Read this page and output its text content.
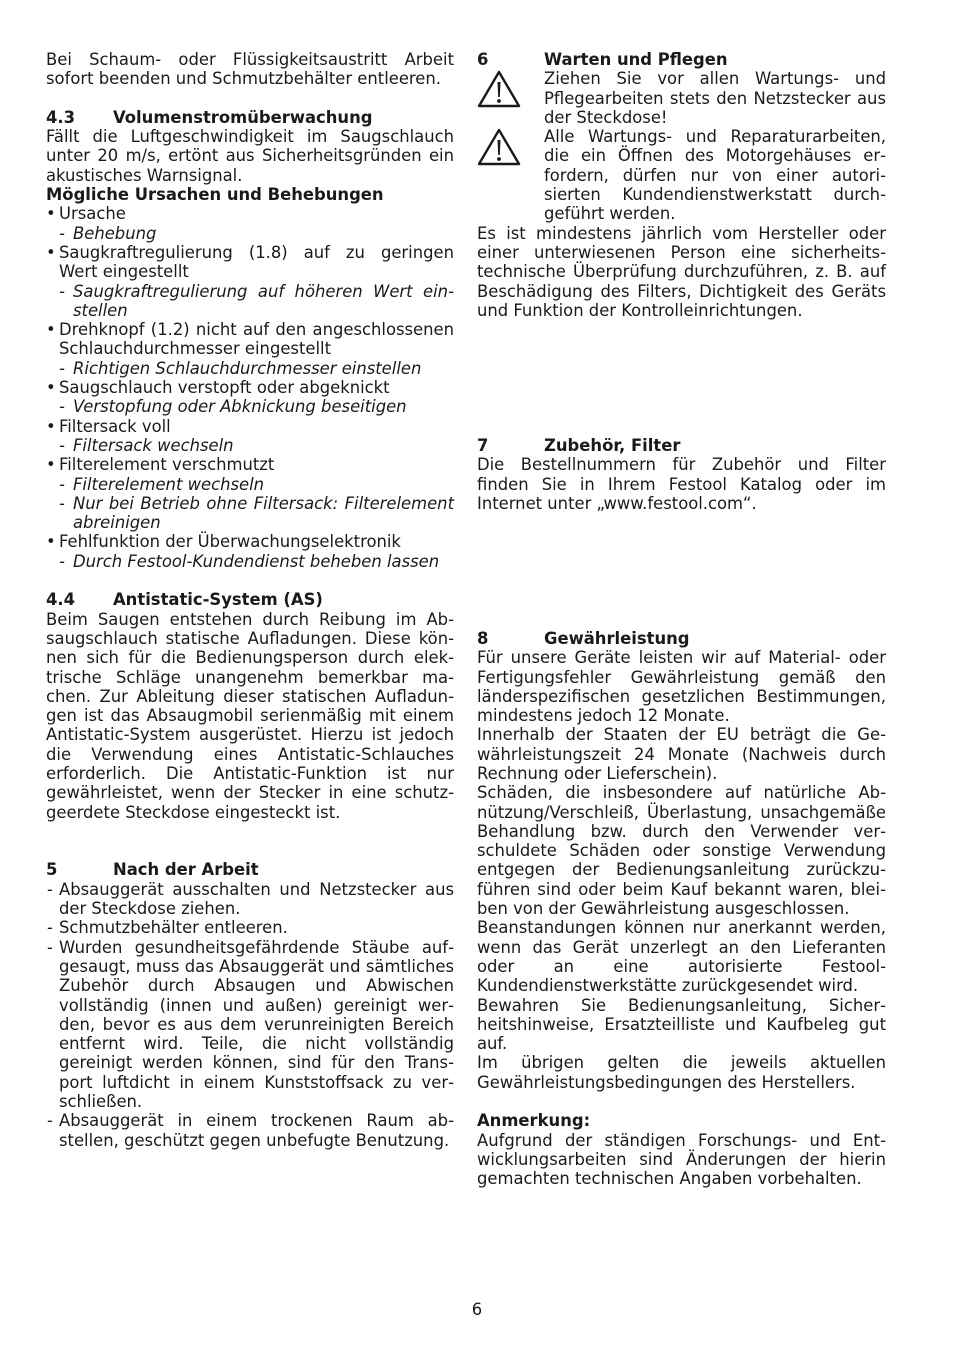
Bei Schaum- oder Flüssigkeitsaustritt Arbeit sofort beenden und Schmutzbehälter entleeren.
4.3	Volumenstromüberwachung
Fällt die Luftgeschwindigkeit im Saugschlauch unter 20 m/s, ertönt aus Sicherheitsgründen ein akustisches Warnsignal.
Mögliche Ursachen und Behebungen
• Ursache
- Behebung
• Saugkraftregulierung (1.8) auf zu geringen Wert eingestellt
- Saugkraftregulierung auf höheren Wert einstellen
• Drehknopf (1.2) nicht auf den angeschlossenen Schlauchdurchmesser eingestellt
- Richtigen Schlauchdurchmesser einstellen
• Saugschlauch verstopft oder abgeknickt
- Verstopfung oder Abknickung beseitigen
• Filtersack voll
- Filtersack wechseln
• Filterelement verschmutzt
- Filterelement wechseln
- Nur bei Betrieb ohne Filtersack: Filterelement abreinigen
• Fehlfunktion der Überwachungselektronik
- Durch Festool-Kundendienst beheben lassen
4.4	Antistatic-System (AS)
Beim Saugen entstehen durch Reibung im Absaugschlauch statische Aufladungen. Diese können sich für die Bedienungsperson durch elektrische Schläge unangenehm bemerkbar machen. Zur Ableitung dieser statischen Aufladungen ist das Absaugmobil serienmäßig mit einem Antistatic-System ausgerüstet. Hierzu ist jedoch die Verwendung eines Antistatic-Schlauches erforderlich. Die Antistatic-Funktion ist nur gewährleistet, wenn der Stecker in eine schutzgeerdete Steckdose eingesteckt ist.
5	Nach der Arbeit
- Absauggerät ausschalten und Netzstecker aus der Steckdose ziehen.
- Schmutzbehälter entleeren.
- Wurden gesundheitsgefährdende Stäube aufgesaugt, muss das Absauggerät und sämtliches Zubehör durch Absaugen und Abwischen vollständig (innen und außen) gereinigt werden, bevor es aus dem verunreinigten Bereich entfernt wird. Teile, die nicht vollständig gereinigt werden können, sind für den Transport luftdicht in einem Kunststoffsack zu verschließen.
- Absauggerät in einem trockenen Raum abstellen, geschützt gegen unbefugte Benutzung.
6	Warten und Pflegen
Ziehen Sie vor allen Wartungs- und Pflegearbeiten stets den Netzstecker aus der Steckdose!
Alle Wartungs- und Reparaturarbeiten, die ein Öffnen des Motorgehäuses erfordern, dürfen nur von einer autorisierten Kundendienstwerkstatt durchgeführt werden.
Es ist mindestens jährlich vom Hersteller oder einer unterwiesenen Person eine sicherheitstechnische Überprüfung durchzuführen, z. B. auf Beschädigung des Filters, Dichtigkeit des Geräts und Funktion der Kontrolleinrichtungen.
7	Zubehör, Filter
Die Bestellnummern für Zubehör und Filter finden Sie in Ihrem Festool Katalog oder im Internet unter „www.festool.com“.
8	Gewährleistung
Für unsere Geräte leisten wir auf Material- oder Fertigungsfehler Gewährleistung gemäß den länderspezifischen gesetzlichen Bestimmungen, mindestens jedoch 12 Monate.
Innerhalb der Staaten der EU beträgt die Gewährleistungszeit 24 Monate (Nachweis durch Rechnung oder Lieferschein).
Schäden, die insbesondere auf natürliche Abnützung/Verschleiß, Überlastung, unsachgemäße Behandlung bzw. durch den Verwender verschuldete Schäden oder sonstige Verwendung entgegen der Bedienungsanleitung zurückzuführen sind oder beim Kauf bekannt waren, bleiben von der Gewährleistung ausgeschlossen.
Beanstandungen können nur anerkannt werden, wenn das Gerät unzerlegt an den Lieferanten oder an eine autorisierte Festool-Kundendienstwerkstätte zurückgesendet wird.
Bewahren Sie Bedienungsanleitung, Sicherheitshinweise, Ersatzteilliste und Kaufbeleg gut auf.
Im übrigen gelten die jeweils aktuellen Gewährleistungsbedingungen des Herstellers.
Anmerkung:
Aufgrund der ständigen Forschungs- und Entwicklungsarbeiten sind Änderungen der hierin gemachten technischen Angaben vorbehalten.
6
